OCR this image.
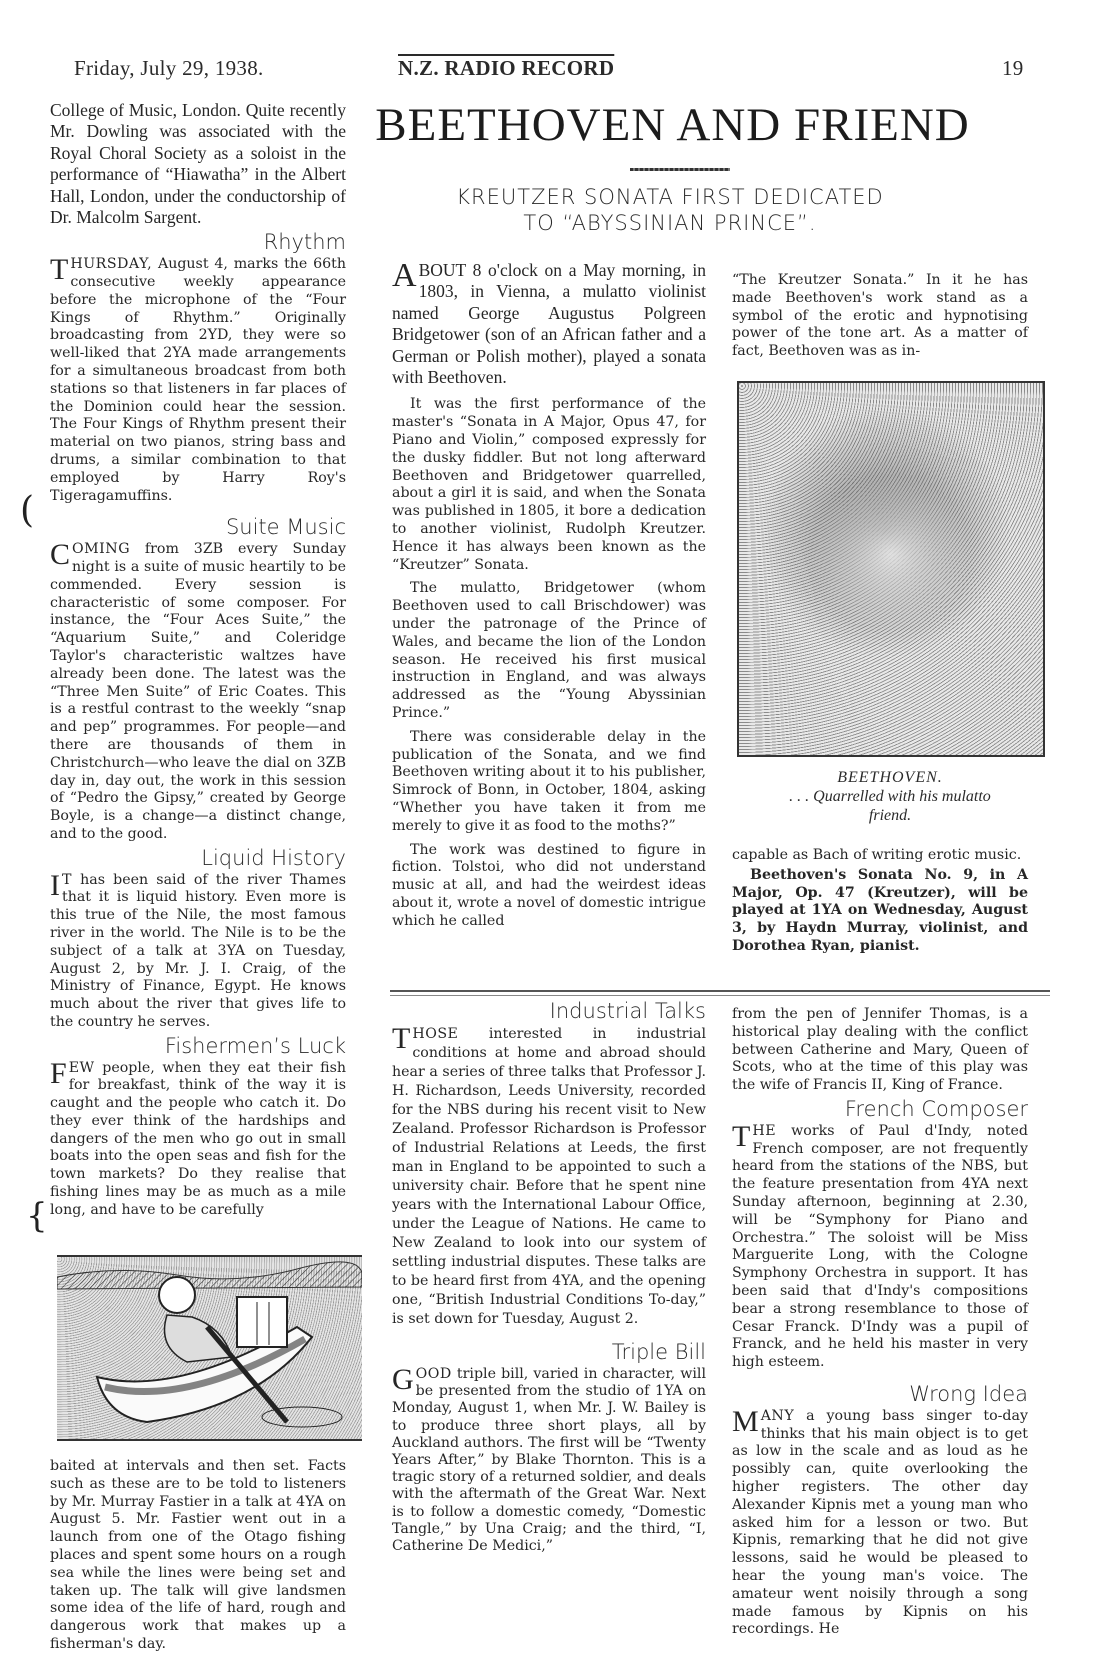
Friday, July 29, 1938.	N.Z. RADIO RECORD	19

College of Music, London. Quite recently Mr. Dowling was associated with the Royal Choral Society as a soloist in the performance of “Hiawatha” in the Albert Hall, London, under the conductorship of Dr. Malcolm Sargent.

Rhythm

THURSDAY, August 4, marks the 66th consecutive weekly appearance before the microphone of the “Four Kings of Rhythm.” Originally broadcasting from 2YD, they were so well-liked that 2YA made arrangements for a simultaneous broadcast from both stations so that listeners in far places of the Dominion could hear the session. The Four Kings of Rhythm present their material on two pianos, string bass and drums, a similar combination to that employed by Harry Roy's Tigeragamuffins.

Suite Music

COMING from 3ZB every Sunday night is a suite of music heartily to be commended. Every session is characteristic of some composer. For instance, the “Four Aces Suite,” the “Aquarium Suite,” and Coleridge Taylor's characteristic waltzes have already been done. The latest was the “Three Men Suite” of Eric Coates. This is a restful contrast to the weekly “snap and pep” programmes. For people—and there are thousands of them in Christchurch—who leave the dial on 3ZB day in, day out, the work in this session of “Pedro the Gipsy,” created by George Boyle, is a change—a distinct change, and to the good.

Liquid History

I T has been said of the river Thames that it is liquid history. Even more is this true of the Nile, the most famous river in the world. The Nile is to be the subject of a talk at 3YA on Tuesday, August 2, by Mr. J. I. Craig, of the Ministry of Finance, Egypt. He knows much about the river that gives life to the country he serves.

Fishermen’s Luck

FEW people, when they eat their fish for breakfast, think of the way it is caught and the people who catch it. Do they ever think of the hardships and dangers of the men who go out in small boats into the open seas and fish for the town markets? Do they realise that fishing lines may be as much as a mile long, and have to be carefully

baited at intervals and then set. Facts such as these are to be told to listeners by Mr. Murray Fastier in a talk at 4YA on August 5. Mr. Fastier went out in a launch from one of the Otago fishing places and spent some hours on a rough sea while the lines were being set and taken up. The talk will give landsmen some idea of the life of hard, rough and dangerous work that makes up a fisherman's day.

(
{
BEETHOVEN AND FRIEND
KREUTZER SONATA FIRST DEDICATED
TO “ABYSSINIAN PRINCE”.

ABOUT 8 o'clock on a May morning, in 1803, in Vienna, a mulatto violinist named George Augustus Polgreen Bridgetower (son of an African father and a German or Polish mother), played a sonata with Beethoven.

It was the first performance of the master's “Sonata in A Major, Opus 47, for Piano and Violin,” composed expressly for the dusky fiddler. But not long afterward Beethoven and Bridgetower quarrelled, about a girl it is said, and when the Sonata was published in 1805, it bore a dedication to another violinist, Rudolph Kreutzer. Hence it has always been known as the “Kreutzer” Sonata.

The mulatto, Bridgetower (whom Beethoven used to call Brischdower) was under the patronage of the Prince of Wales, and became the lion of the London season. He received his first musical instruction in England, and was always addressed as the “Young Abyssinian Prince.”

There was considerable delay in the publication of the Sonata, and we find Beethoven writing about it to his publisher, Simrock of Bonn, in October, 1804, asking “Whether you have taken it from me merely to give it as food to the moths?”

The work was destined to figure in fiction. Tolstoi, who did not understand music at all, and had the weirdest ideas about it, wrote a novel of domestic intrigue which he called

“The Kreutzer Sonata.” In it he has made Beethoven's work stand as a symbol of the erotic and hypnotising power of the tone art. As a matter of fact, Beethoven was as in-

BEETHOVEN.
. . . Quarrelled with his mulatto
friend.

capable as Bach of writing erotic music.

Beethoven's Sonata No. 9, in A Major, Op. 47 (Kreutzer), will be played at 1YA on Wednesday, August 3, by Haydn Murray, violinist, and Dorothea Ryan, pianist.

Industrial Talks

THOSE interested in industrial conditions at home and abroad should hear a series of three talks that Professor J. H. Richardson, Leeds University, recorded for the NBS during his recent visit to New Zealand. Professor Richardson is Professor of Industrial Relations at Leeds, the first man in England to be appointed to such a university chair. Before that he spent nine years with the International Labour Office, under the League of Nations. He came to New Zealand to look into our system of settling industrial disputes. These talks are to be heard first from 4YA, and the opening one, “British Industrial Conditions To-day,” is set down for Tuesday, August 2.

Triple Bill

GOOD triple bill, varied in character, will be presented from the studio of 1YA on Monday, August 1, when Mr. J. W. Bailey is to produce three short plays, all by Auckland authors. The first will be “Twenty Years After,” by Blake Thornton. This is a tragic story of a returned soldier, and deals with the aftermath of the Great War. Next is to follow a domestic comedy, “Domestic Tangle,” by Una Craig; and the third, “I, Catherine De Medici,”

from the pen of Jennifer Thomas, is a historical play dealing with the conflict between Catherine and Mary, Queen of Scots, who at the time of this play was the wife of Francis II, King of France.

French Composer

THE works of Paul d'Indy, noted French composer, are not frequently heard from the stations of the NBS, but the feature presentation from 4YA next Sunday afternoon, beginning at 2.30, will be “Symphony for Piano and Orchestra.” The soloist will be Miss Marguerite Long, with the Cologne Symphony Orchestra in support. It has been said that d'Indy's compositions bear a strong resemblance to those of Cesar Franck. D'Indy was a pupil of Franck, and he held his master in very high esteem.

Wrong Idea

MANY a young bass singer to-day thinks that his main object is to get as low in the scale and as loud as he possibly can, quite overlooking the higher registers. The other day Alexander Kipnis met a young man who asked him for a lesson or two. But Kipnis, remarking that he did not give lessons, said he would be pleased to hear the young man's voice. The amateur went noisily through a song made famous by Kipnis on his recordings. He
